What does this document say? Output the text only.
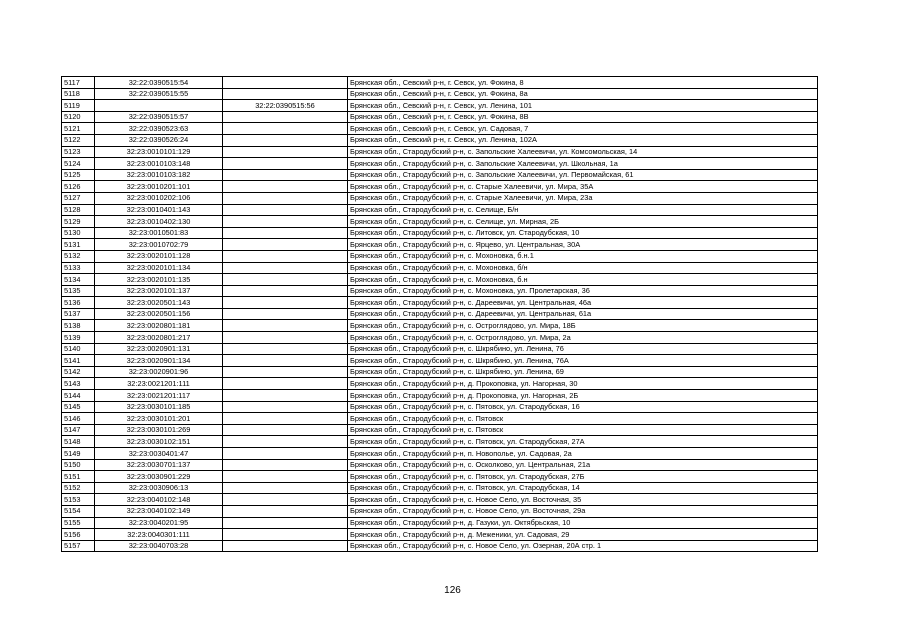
5117	32:22:0390515:54		Брянская обл., Севский р-н, г. Севск, ул. Фокина, 8
5118	32:22:0390515:55		Брянская обл., Севский р-н, г. Севск, ул. Фокина, 8а
5119		32:22:0390515:56	Брянская обл., Севский р-н, г. Севск, ул. Ленина, 101
5120	32:22:0390515:57		Брянская обл., Севский р-н, г. Севск, ул. Фокина, 8В
5121	32:22:0390523:63		Брянская обл., Севский р-н, г. Севск, ул. Садовая, 7
5122	32:22:0390526:24		Брянская обл., Севский р-н, г. Севск, ул. Ленина, 102А
5123	32:23:0010101:129		Брянская обл., Стародубский р-н, с. Запольские Халеевичи, ул. Комсомольская, 14
5124	32:23:0010103:148		Брянская обл., Стародубский р-н, с. Запольские Халеевичи, ул. Школьная, 1а
5125	32:23:0010103:182		Брянская обл., Стародубский р-н, с. Запольские Халеевичи, ул. Первомайская, 61
5126	32:23:0010201:101		Брянская обл., Стародубский р-н, с. Старые Халеевичи, ул. Мира, 35А
5127	32:23:0010202:106		Брянская обл., Стародубский р-н, с. Старые Халеевичи, ул. Мира, 23а
5128	32:23:0010401:143		Брянская обл., Стародубский р-н, с. Селище, Б/н
5129	32:23:0010402:130		Брянская обл., Стародубский р-н, с. Селище, ул. Мирная, 2Б
5130	32:23:0010501:83		Брянская обл., Стародубский р-н, с. Литовск, ул. Стародубская, 10
5131	32:23:0010702:79		Брянская обл., Стародубский р-н, с. Ярцево, ул. Центральная, 30А
5132	32:23:0020101:128		Брянская обл., Стародубский р-н, с. Мохоновка, б.н.1
5133	32:23:0020101:134		Брянская обл., Стародубский р-н, с. Мохоновка, б/н
5134	32:23:0020101:135		Брянская обл., Стародубский р-н, с. Мохоновка, б.н
5135	32:23:0020101:137		Брянская обл., Стародубский р-н, с. Мохоновка, ул. Пролетарская, 36
5136	32:23:0020501:143		Брянская обл., Стародубский р-н, с. Дареевичи, ул. Центральная, 46а
5137	32:23:0020501:156		Брянская обл., Стародубский р-н, с. Дареевичи, ул. Центральная, 61а
5138	32:23:0020801:181		Брянская обл., Стародубский р-н, с. Остроглядово, ул. Мира, 18Б
5139	32:23:0020801:217		Брянская обл., Стародубский р-н, с. Остроглядово, ул. Мира, 2а
5140	32:23:0020901:131		Брянская обл., Стародубский р-н, с. Шкрябино, ул. Ленина, 76
5141	32:23:0020901:134		Брянская обл., Стародубский р-н, с. Шкрябино, ул. Ленина, 76А
5142	32:23:0020901:96		Брянская обл., Стародубский р-н, с. Шкрябино, ул. Ленина, 69
5143	32:23:0021201:111		Брянская обл., Стародубский р-н, д. Прокоповка, ул. Нагорная, 30
5144	32:23:0021201:117		Брянская обл., Стародубский р-н, д. Прокоповка, ул. Нагорная, 2Б
5145	32:23:0030101:185		Брянская обл., Стародубский р-н, с. Пятовск, ул. Стародубская, 16
5146	32:23:0030101:201		Брянская обл., Стародубский р-н, с. Пятовск
5147	32:23:0030101:269		Брянская обл., Стародубский р-н, с. Пятовск
5148	32:23:0030102:151		Брянская обл., Стародубский р-н, с. Пятовск, ул. Стародубская, 27А
5149	32:23:0030401:47		Брянская обл., Стародубский р-н, п. Новополье, ул. Садовая, 2а
5150	32:23:0030701:137		Брянская обл., Стародубский р-н, с. Осколково, ул. Центральная, 21а
5151	32:23:0030901:229		Брянская обл., Стародубский р-н, с. Пятовск, ул. Стародубская, 27Б
5152	32:23:0030906:13		Брянская обл., Стародубский р-н, с. Пятовск, ул. Стародубская, 14
5153	32:23:0040102:148		Брянская обл., Стародубский р-н, с. Новое Село, ул. Восточная, 35
5154	32:23:0040102:149		Брянская обл., Стародубский р-н, с. Новое Село, ул. Восточная, 29а
5155	32:23:0040201:95		Брянская обл., Стародубский р-н, д. Газуки, ул. Октябрьская, 10
5156	32:23:0040301:111		Брянская обл., Стародубский р-н, д. Меженики, ул. Садовая, 29
5157	32:23:0040703:28		Брянская обл., Стародубский р-н, с. Новое Село, ул. Озерная, 20А стр. 1
126
